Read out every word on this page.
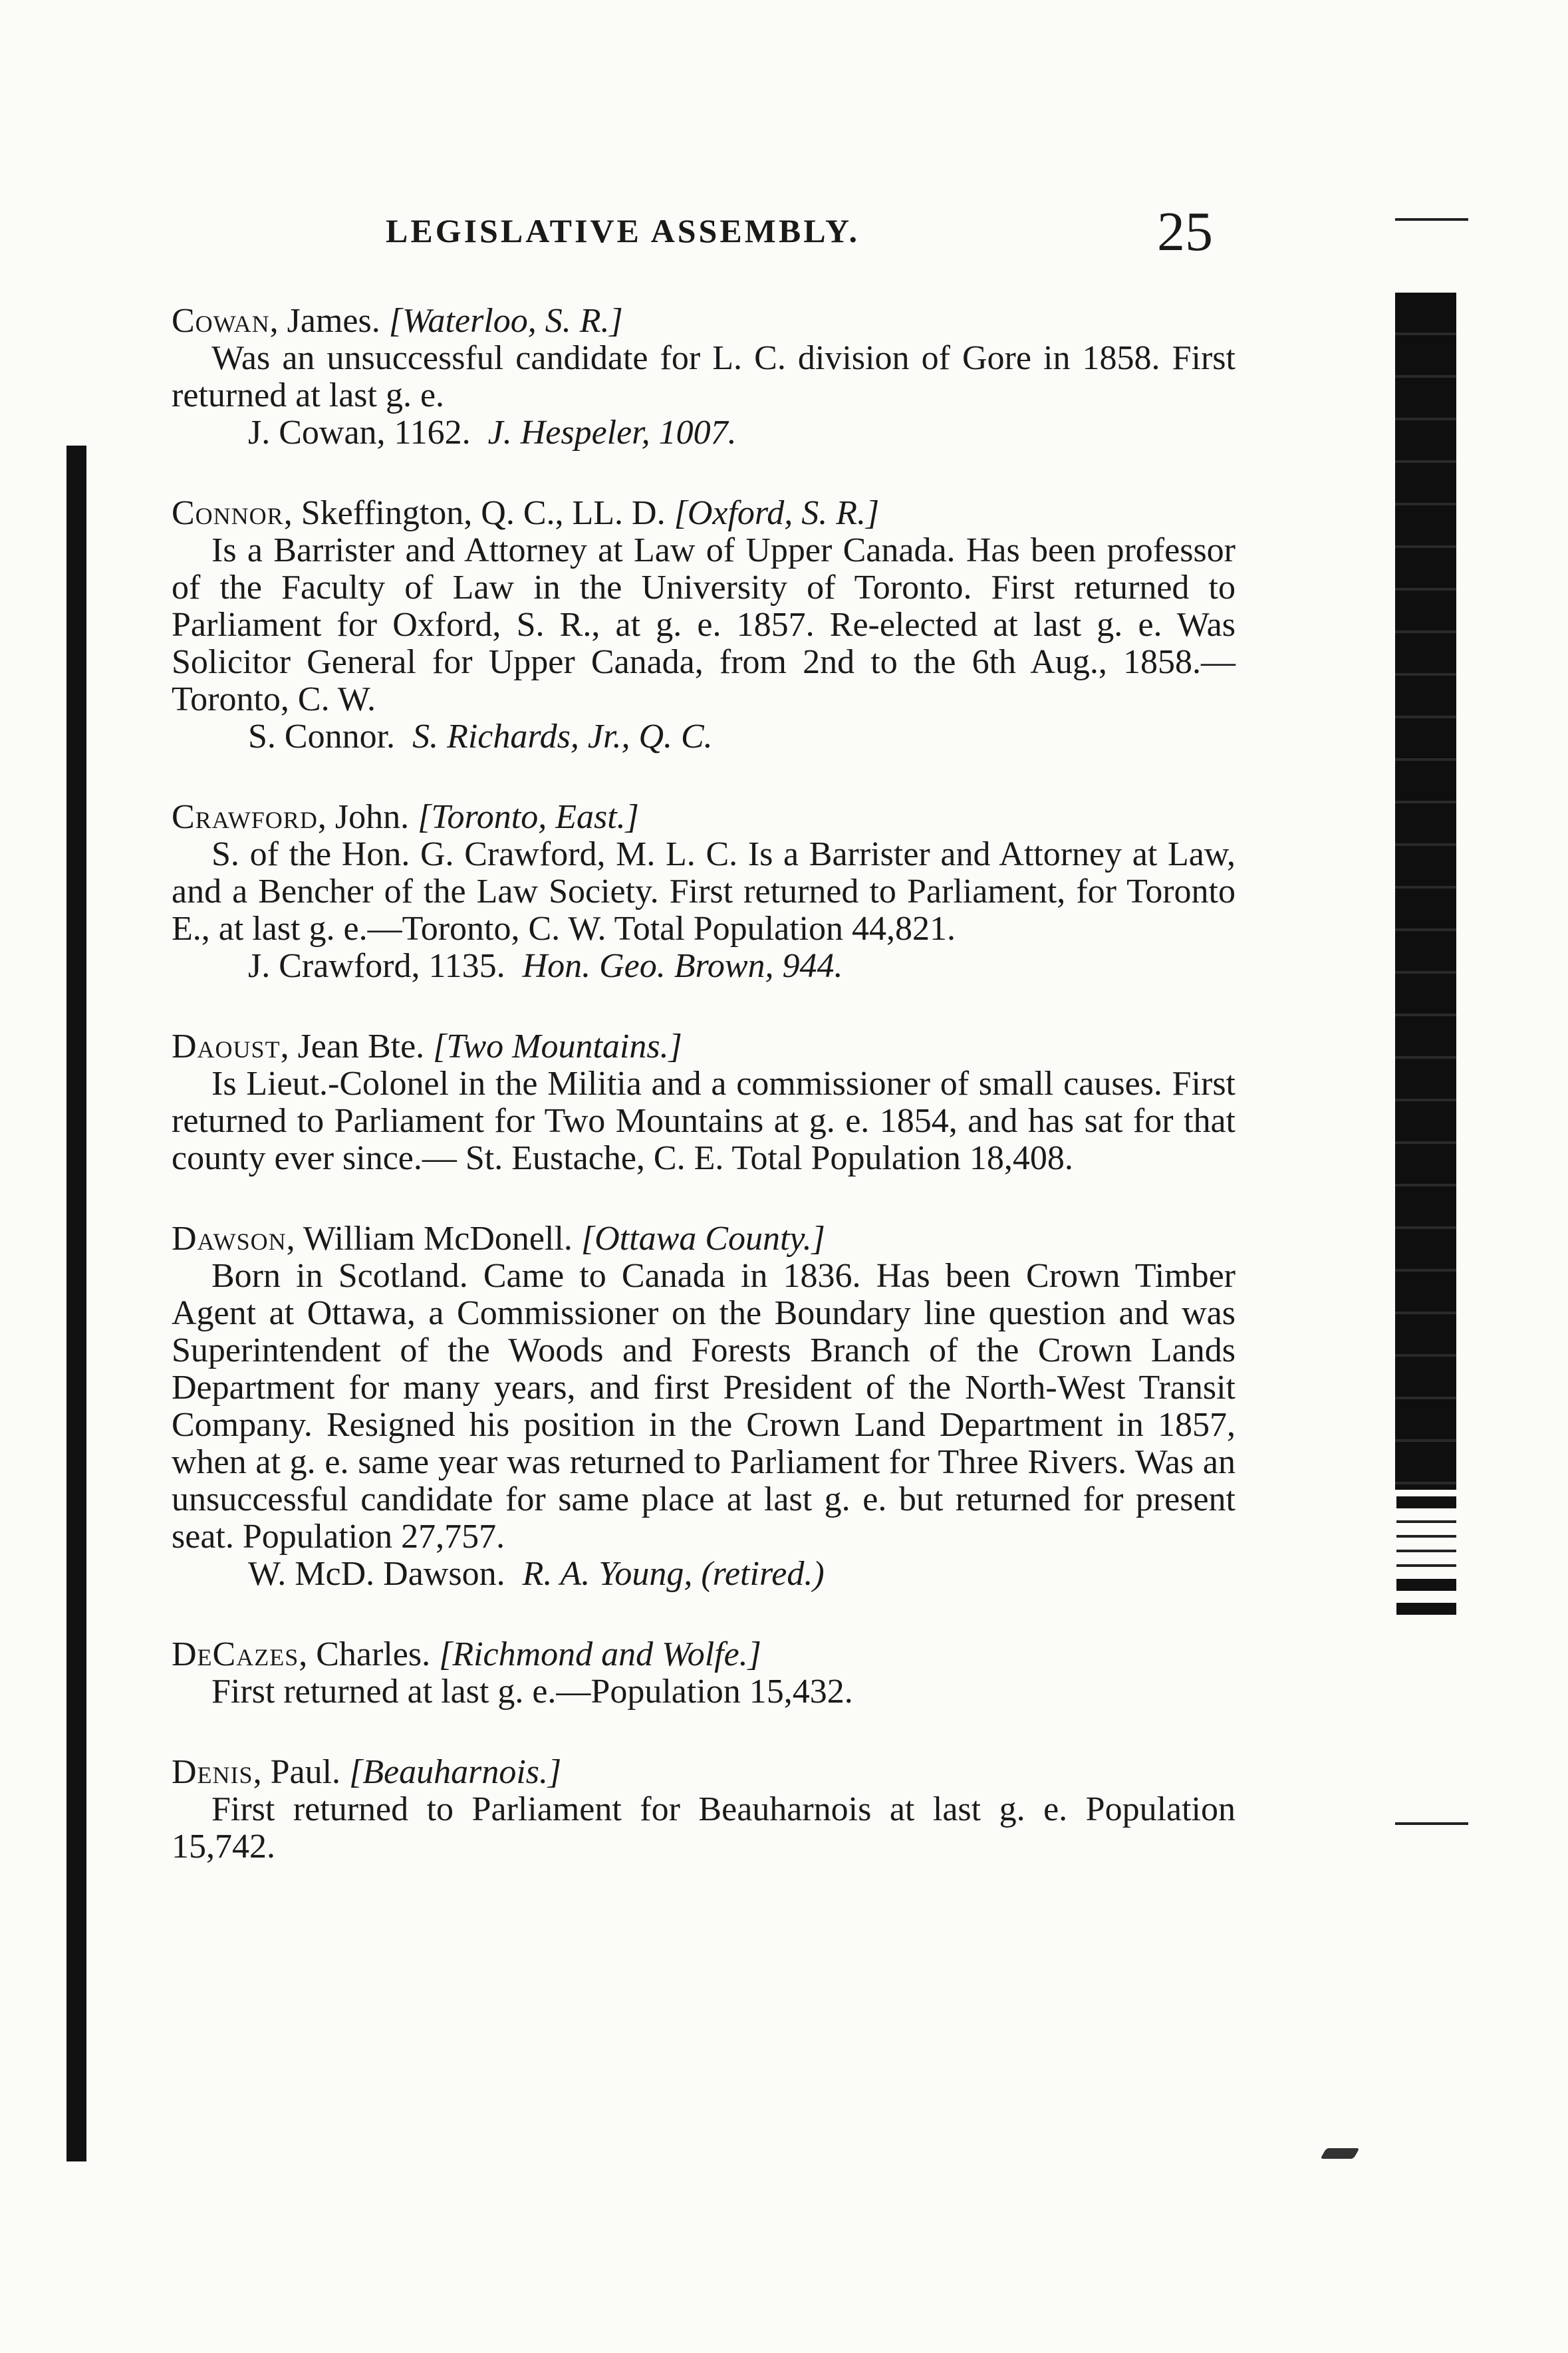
LEGISLATIVE ASSEMBLY.	25
Cowan, James. [Waterloo, S. R.]
Was an unsuccessful candidate for L. C. division of Gore in 1858. First returned at last g. e.
J. Cowan, 1162. J. Hespeler, 1007.
Connor, Skeffington, Q. C., LL. D. [Oxford, S. R.]
Is a Barrister and Attorney at Law of Upper Canada. Has been professor of the Faculty of Law in the University of Toronto. First returned to Parliament for Oxford, S. R., at g. e. 1857. Re-elected at last g. e. Was Solicitor General for Upper Canada, from 2nd to the 6th Aug., 1858.— Toronto, C. W.
S. Connor. S. Richards, Jr., Q. C.
Crawford, John. [Toronto, East.]
S. of the Hon. G. Crawford, M. L. C. Is a Barrister and Attorney at Law, and a Bencher of the Law Society. First returned to Parliament, for Toronto E., at last g. e.—Toronto, C. W. Total Population 44,821.
J. Crawford, 1135. Hon. Geo. Brown, 944.
Daoust, Jean Bte. [Two Mountains.]
Is Lieut.-Colonel in the Militia and a commissioner of small causes. First returned to Parliament for Two Mountains at g. e. 1854, and has sat for that county ever since.— St. Eustache, C. E. Total Population 18,408.
Dawson, William McDonell. [Ottawa County.]
Born in Scotland. Came to Canada in 1836. Has been Crown Timber Agent at Ottawa, a Commissioner on the Boundary line question and was Superintendent of the Woods and Forests Branch of the Crown Lands Department for many years, and first President of the North-West Transit Company. Resigned his position in the Crown Land Department in 1857, when at g. e. same year was returned to Parliament for Three Rivers. Was an unsuccessful candidate for same place at last g. e. but returned for present seat. Population 27,757.
W. McD. Dawson. R. A. Young, (retired.)
DeCazes, Charles. [Richmond and Wolfe.]
First returned at last g. e.—Population 15,432.
Denis, Paul. [Beauharnois.]
First returned to Parliament for Beauharnois at last g. e. Population 15,742.
